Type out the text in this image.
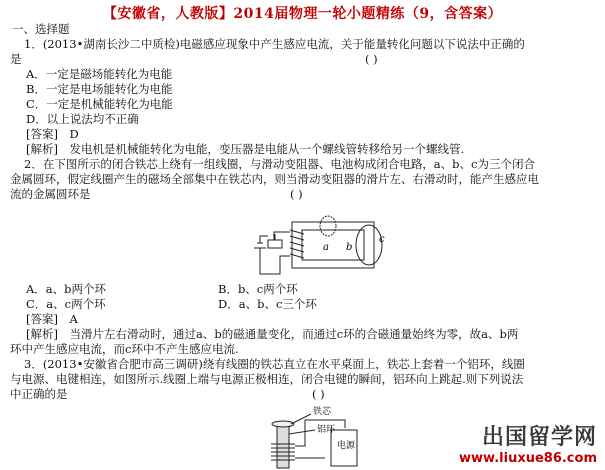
【安徽省，人教版】2014届物理一轮小题精练（9，含答案）
一、选择题
1．(2013•湖南长沙二中质检)电磁感应现象中产生感应电流，关于能量转化问题以下说法中正确的
是	( )
A．一定是磁场能转化为电能
B．一定是电场能转化为电能
C．一定是机械能转化为电能
D．以上说法均不正确
[答案]　D
[解析]　发电机是机械能转化为电能，变压器是电能从一个螺线管转移给另一个螺线管.
2．在下图所示的闭合铁芯上绕有一组线圈，与滑动变阻器、电池构成闭合电路，a、b、c为三个闭合
金属圆环，假定线圈产生的磁场全部集中在铁芯内，则当滑动变阻器的滑片左、右滑动时，能产生感应电
流的金属圆环是	( )
a b
c
A．a、b两个环	B．b、c两个环
C．a、c两个环	D．a、b、c三个环
[答案]　A
[解析]　当滑片左右滑动时，通过a、b的磁通量变化，而通过c环的合磁通量始终为零，故a、b两
环中产生感应电流，而c环中不产生感应电流.
3．(2013•安徽省合肥市高三调研)绕有线圈的铁芯直立在水平桌面上，铁芯上套着一个铝环，线圈
与电源、电键相连，如图所示.线圈上端与电源正极相连，闭合电键的瞬间，铝环向上跳起.则下列说法
中正确的是	( )
铁芯
铝环
电源	出国留学网
www.liuxue86.com
